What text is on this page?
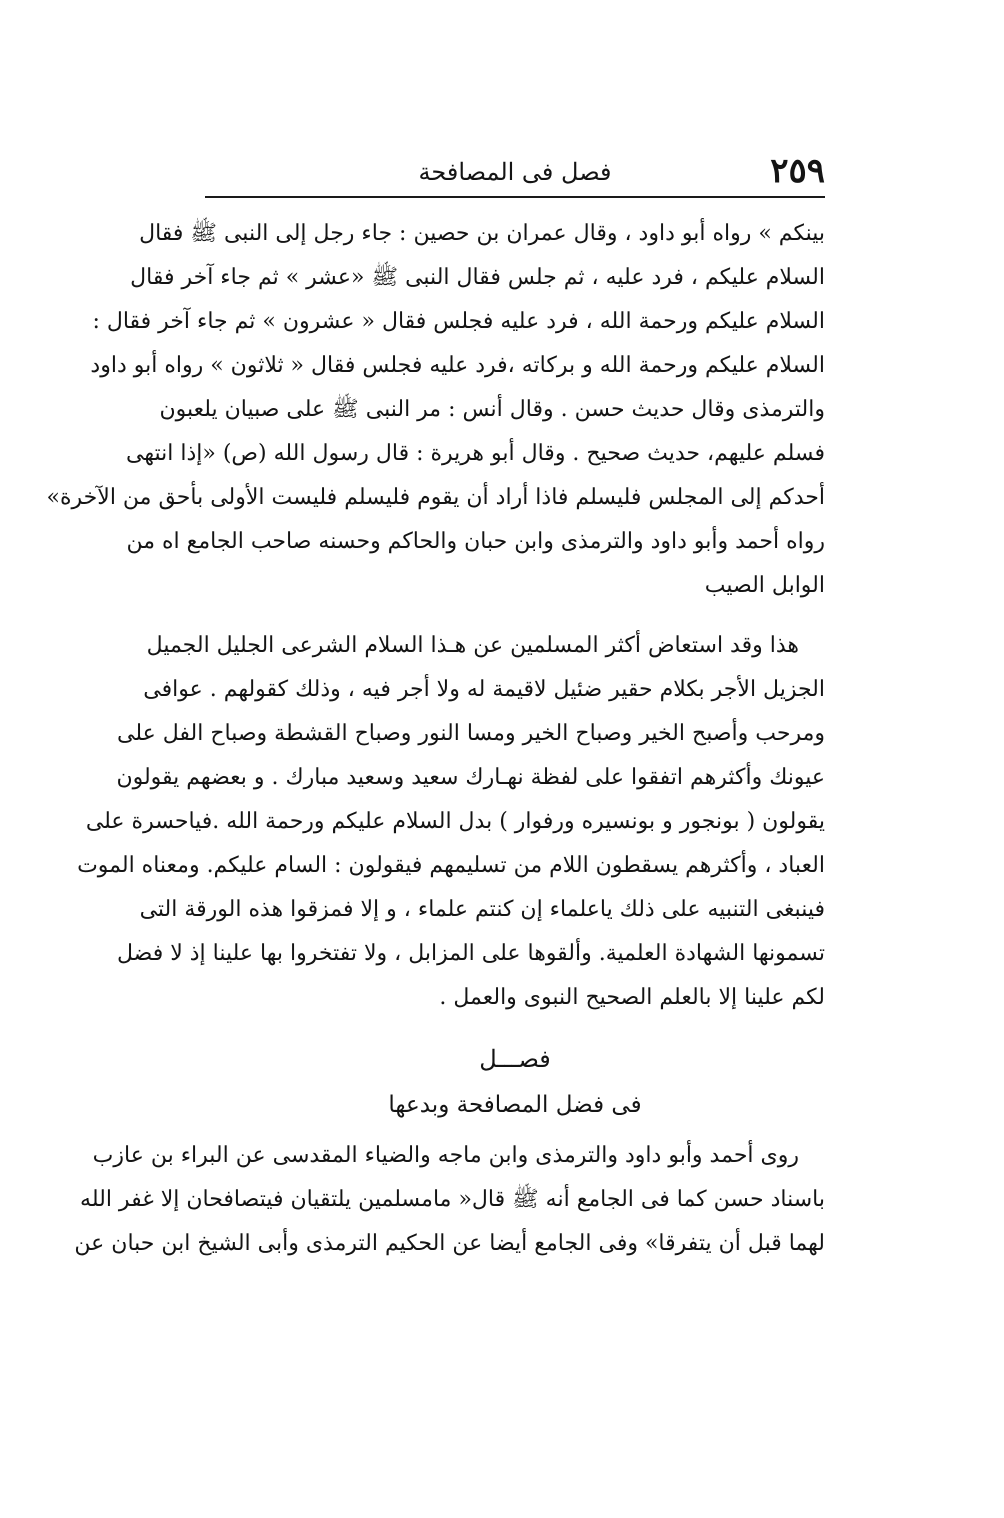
٢٥٩
فصل فى المصافحة
بينكم » رواه أبو داود ، وقال عمران بن حصين : جاء رجل إلى النبى ﷺ فقال
السلام عليكم ، فرد عليه ، ثم جلس فقال النبى ﷺ «عشر » ثم جاء آخر فقال
السلام عليكم ورحمة الله ، فرد عليه فجلس فقال « عشرون » ثم جاء آخر فقال :
السلام عليكم ورحمة الله و بركاته ،فرد عليه فجلس فقال « ثلاثون » رواه أبو داود
والترمذى وقال حديث حسن . وقال أنس : مر النبى ﷺ على صبيان يلعبون
فسلم عليهم، حديث صحيح . وقال أبو هريرة : قال رسول الله (ص) «إذا انتهى
أحدكم إلى المجلس فليسلم فاذا أراد أن يقوم فليسلم فليست الأولى بأحق من الآخرة»
رواه أحمد وأبو داود والترمذى وابن حبان والحاكم وحسنه صاحب الجامع اه من
الوابل الصيب
هذا وقد استعاض أكثر المسلمين عن هـذا السلام الشرعى الجليل الجميل
الجزيل الأجر بكلام حقير ضئيل لاقيمة له ولا أجر فيه ، وذلك كقولهم . عوافى
ومرحب وأصبح الخير وصباح الخير ومسا النور وصباح القشطة وصباح الفل على
عيونك وأكثرهم اتفقوا على لفظة نهـارك سعيد وسعيد مبارك . و بعضهم يقولون
يقولون ( بونجور و بونسيره ورفوار ) بدل السلام عليكم ورحمة الله .فياحسرة على
العباد ، وأكثرهم يسقطون اللام من تسليمهم فيقولون : السام عليكم. ومعناه الموت
فينبغى التنبيه على ذلك ياعلماء إن كنتم علماء ، و إلا فمزقوا هذه الورقة التى
تسمونها الشهادة العلمية. وألقوها على المزابل ، ولا تفتخروا بها علينا إذ لا فضل
لكم علينا إلا بالعلم الصحيح النبوى والعمل .
فصـــل
فى فضل المصافحة وبدعها
روى أحمد وأبو داود والترمذى وابن ماجه والضياء المقدسى عن البراء بن عازب
باسناد حسن كما فى الجامع أنه ﷺ قال« مامسلمين يلتقيان فيتصافحان إلا غفر الله
لهما قبل أن يتفرقا» وفى الجامع أيضا عن الحكيم الترمذى وأبى الشيخ ابن حبان عن
